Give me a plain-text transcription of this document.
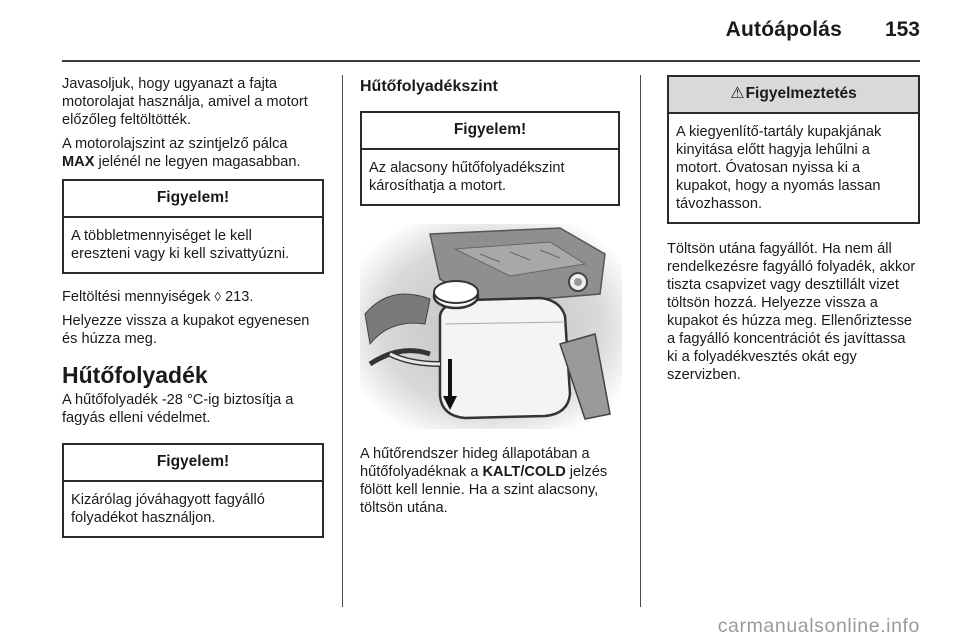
Autóápolás 153

Javasoljuk, hogy ugyanazt a fajta motorolajat használja, amivel a motort előzőleg feltöltötték.

A motorolajszint az szintjelző pálca
MAX jelénél ne legyen magasabban.

Figyelem!
A többletmennyiséget le kell ereszteni vagy ki kell szivattyúzni.

Feltöltési mennyiségek ◊ 213.

Helyezze vissza a kupakot egyenesen és húzza meg.

Hűtőfolyadék

A hűtőfolyadék -28 °C-ig biztosítja a fagyás elleni védelmet.

Figyelem!
Kizárólag jóváhagyott fagyálló folyadékot használjon.
Hűtőfolyadékszint
Figyelem!
Az alacsony hűtőfolyadékszint károsíthatja a motort.

A hűtőrendszer hideg állapotában a hűtőfolyadéknak a KALT/COLD jelzés fölött kell lennie. Ha a szint alacsony, töltsön utána.

⚠Figyelmeztetés
A kiegyenlítő-tartály kupakjának kinyitása előtt hagyja lehűlni a motort. Óvatosan nyissa ki a kupakot, hogy a nyomás lassan távozhasson.

Töltsön utána fagyállót. Ha nem áll rendelkezésre fagyálló folyadék, akkor tiszta csapvizet vagy desztillált vizet töltsön hozzá. Helyezze vissza a kupakot és húzza meg. Ellenőriztesse a fagyálló koncentrációt és javíttassa ki a folyadékvesztés okát egy szervizben.

carmanualsonline.info
